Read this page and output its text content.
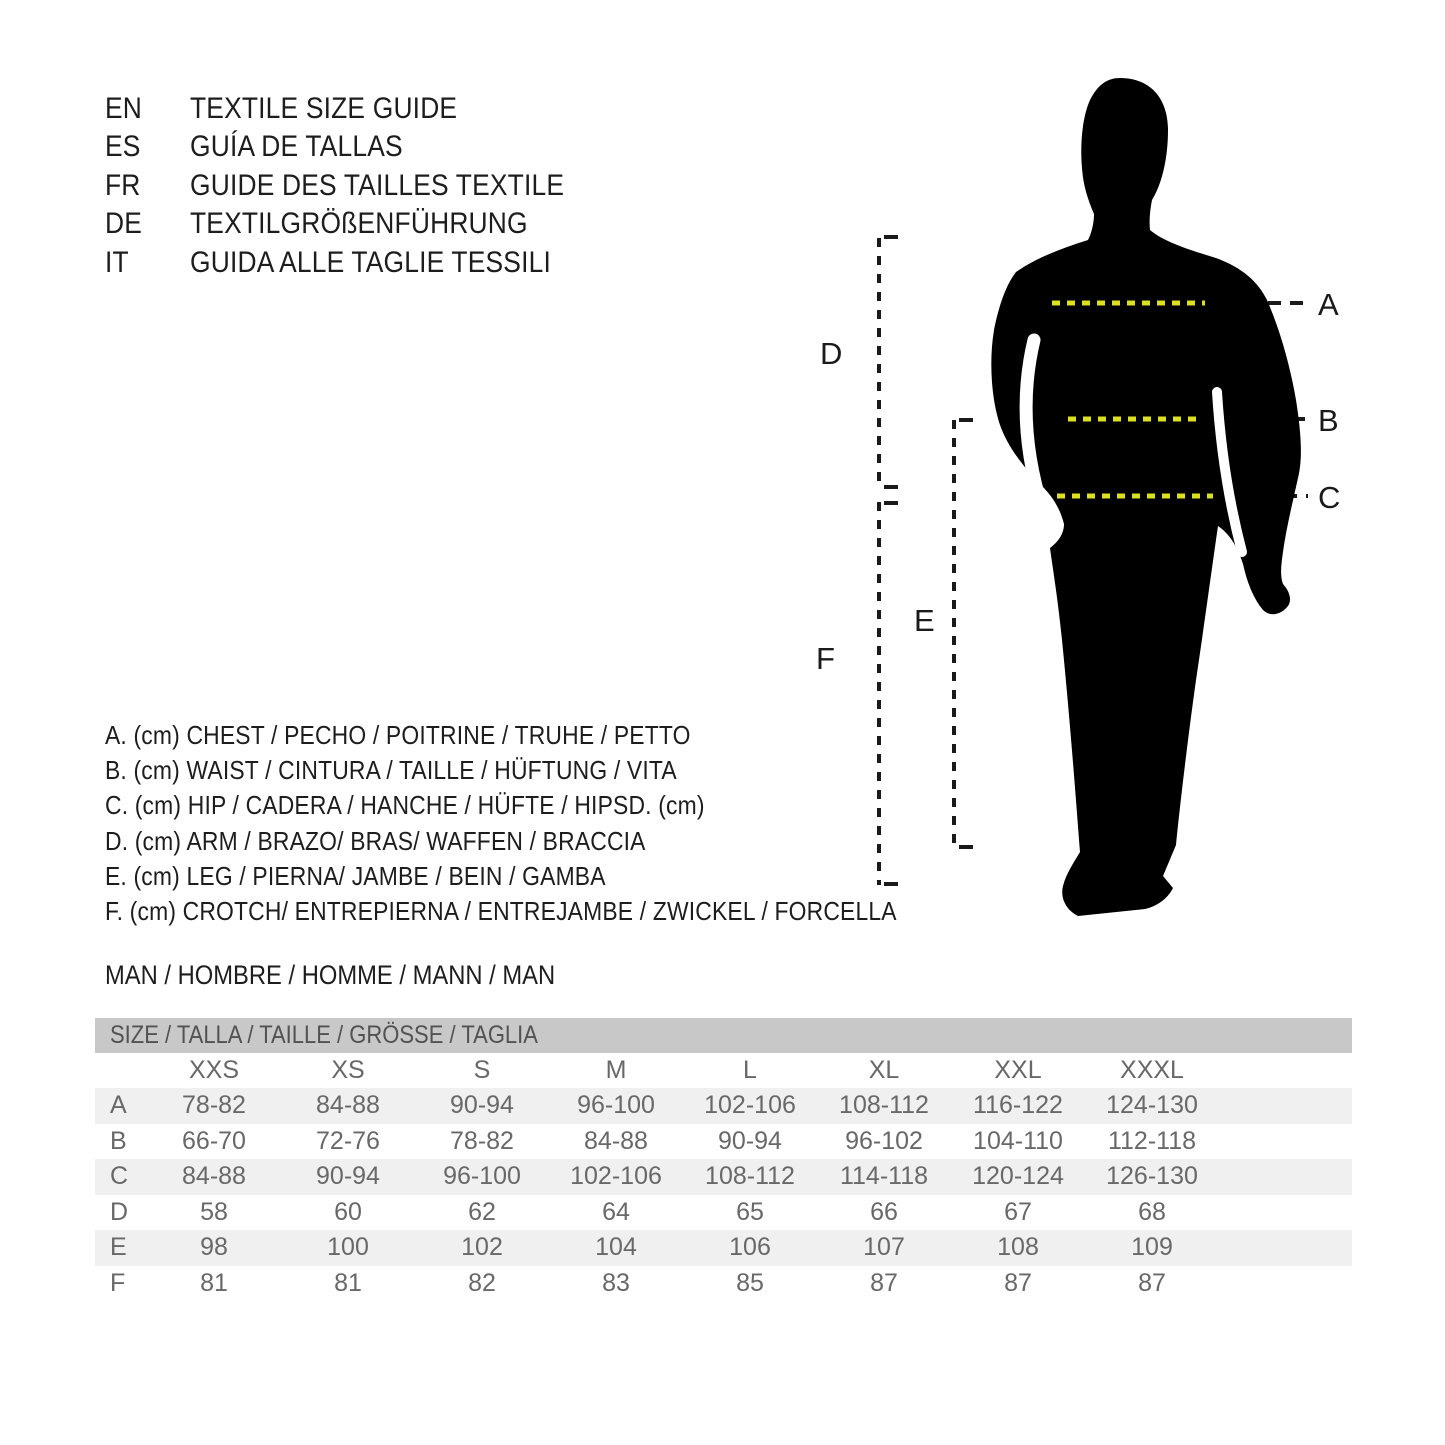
EN	TEXTILE SIZE GUIDE
ES	GUÍA DE TALLAS
FR	GUIDE DES TAILLES TEXTILE
DE	TEXTILGRÖßENFÜHRUNG
IT	GUIDA ALLE TAGLIE TESSILI
A
B
C
D
E
F
A. (cm) CHEST / PECHO / POITRINE / TRUHE / PETTO
B. (cm) WAIST / CINTURA / TAILLE / HÜFTUNG / VITA
C. (cm) HIP / CADERA / HANCHE / HÜFTE / HIPSD. (cm)
D. (cm) ARM / BRAZO/ BRAS/ WAFFEN / BRACCIA
E. (cm) LEG / PIERNA/ JAMBE / BEIN / GAMBA
F. (cm) CROTCH/ ENTREPIERNA / ENTREJAMBE / ZWICKEL / FORCELLA
MAN / HOMBRE / HOMME / MANN / MAN
SIZE / TALLA / TAILLE / GRÖSSE / TAGLIA
XXS	XS	S	M	L	XL	XXL	XXXL
A	78-82	84-88	90-94	96-100	102-106	108-112	116-122	124-130
B	66-70	72-76	78-82	84-88	90-94	96-102	104-110	112-118
C	84-88	90-94	96-100	102-106	108-112	114-118	120-124	126-130
D	58	60	62	64	65	66	67	68
E	98	100	102	104	106	107	108	109
F	81	81	82	83	85	87	87	87
